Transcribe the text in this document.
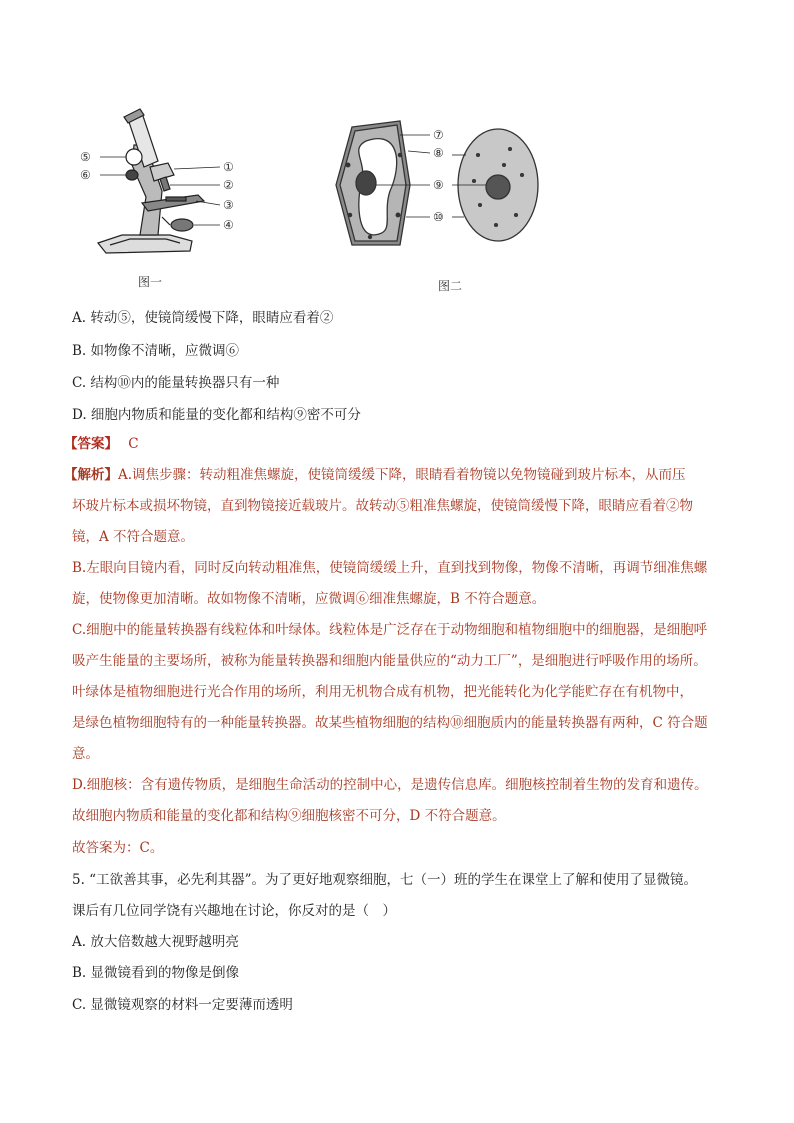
⑤
⑥
①
②
③
④
图一
⑦
⑧
⑨
⑩
图二
A. 转动⑤，使镜筒缓慢下降，眼睛应看着②
B. 如物像不清晰，应微调⑥
C. 结构⑩内的能量转换器只有一种
D. 细胞内物质和能量的变化都和结构⑨密不可分
【答案】 C
【解析】A.调焦步骤：转动粗准焦螺旋，使镜筒缓缓下降，眼睛看着物镜以免物镜碰到玻片标本，从而压
坏玻片标本或损坏物镜，直到物镜接近载玻片。故转动⑤粗准焦螺旋，使镜筒缓慢下降，眼睛应看着②物
镜，A 不符合题意。
B.左眼向目镜内看，同时反向转动粗准焦，使镜筒缓缓上升，直到找到物像，物像不清晰，再调节细准焦螺
旋，使物像更加清晰。故如物像不清晰，应微调⑥细准焦螺旋，B 不符合题意。
C.细胞中的能量转换器有线粒体和叶绿体。线粒体是广泛存在于动物细胞和植物细胞中的细胞器，是细胞呼
吸产生能量的主要场所，被称为能量转换器和细胞内能量供应的“动力工厂”，是细胞进行呼吸作用的场所。
叶绿体是植物细胞进行光合作用的场所，利用无机物合成有机物，把光能转化为化学能贮存在有机物中，
是绿色植物细胞特有的一种能量转换器。故某些植物细胞的结构⑩细胞质内的能量转换器有两种，C 符合题
意。
D.细胞核：含有遗传物质，是细胞生命活动的控制中心，是遗传信息库。细胞核控制着生物的发育和遗传。
故细胞内物质和能量的变化都和结构⑨细胞核密不可分，D 不符合题意。
故答案为：C。
5. “工欲善其事，必先利其器”。为了更好地观察细胞，七（一）班的学生在课堂上了解和使用了显微镜。
课后有几位同学饶有兴趣地在讨论，你反对的是（　）
A. 放大倍数越大视野越明亮
B. 显微镜看到的物像是倒像
C. 显微镜观察的材料一定要薄而透明
